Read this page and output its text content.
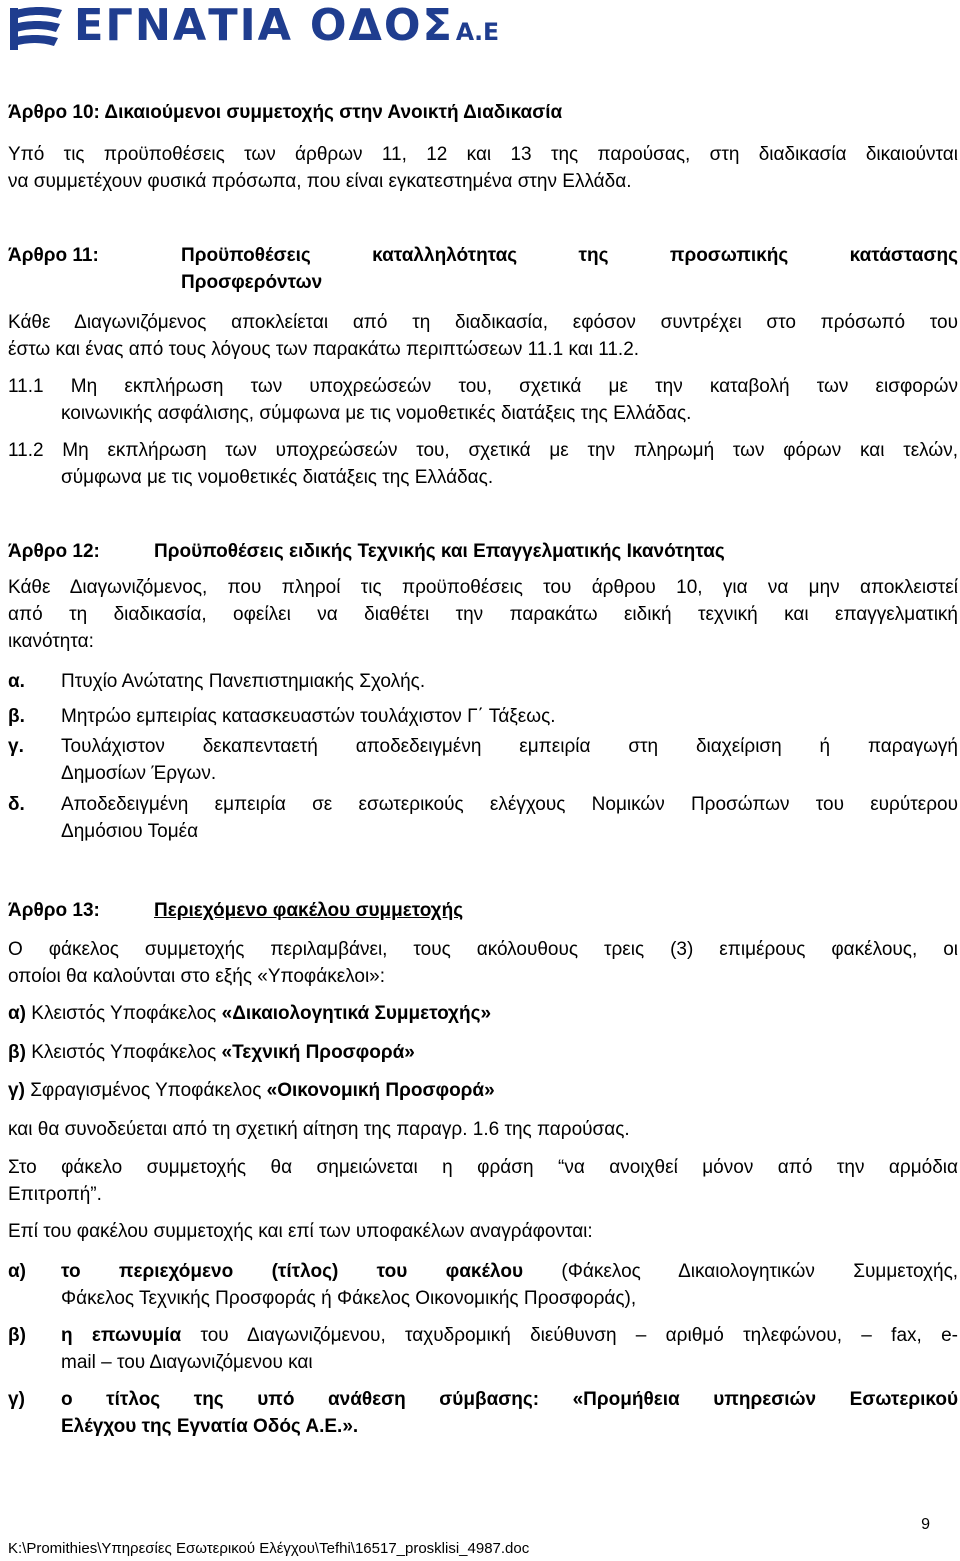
ΕΓΝΑΤΙΑ ΟΔΟΣΑ.Ε
Άρθρο 10: Δικαιούμενοι συμμετοχής στην Ανοικτή Διαδικασία
Υπό τις προϋποθέσεις των άρθρων 11, 12 και 13 της παρούσας, στη διαδικασία δικαιούνται
να συμμετέχουν φυσικά πρόσωπα, που είναι εγκατεστημένα στην Ελλάδα.
Άρθρο 11:	Προϋποθέσεις καταλληλότητας της προσωπικής κατάστασης
Προσφερόντων
Κάθε Διαγωνιζόμενος αποκλείεται από τη διαδικασία, εφόσον συντρέχει στο πρόσωπό του
έστω και ένας από τους λόγους των παρακάτω περιπτώσεων 11.1 και 11.2.
11.1 Μη εκπλήρωση των υποχρεώσεών του, σχετικά με την καταβολή των εισφορών
κοινωνικής ασφάλισης, σύμφωνα με τις νομοθετικές διατάξεις της Ελλάδας.
11.2 Μη εκπλήρωση των υποχρεώσεών του, σχετικά με την πληρωμή των φόρων και τελών,
σύμφωνα με τις νομοθετικές διατάξεις της Ελλάδας.
Άρθρο 12:	Προϋποθέσεις ειδικής Τεχνικής και Επαγγελματικής Ικανότητας
Κάθε Διαγωνιζόμενος, που πληροί τις προϋποθέσεις του άρθρου 10, για να μην αποκλειστεί
από τη διαδικασία, οφείλει να διαθέτει την παρακάτω ειδική τεχνική και επαγγελματική
ικανότητα:
α. Πτυχίο Ανώτατης Πανεπιστημιακής Σχολής.
β. Μητρώο εμπειρίας κατασκευαστών τουλάχιστον Γ΄ Τάξεως.
γ. Τουλάχιστον δεκαπενταετή αποδεδειγμένη εμπειρία στη διαχείριση ή παραγωγή
Δημοσίων Έργων.
δ. Αποδεδειγμένη εμπειρία σε εσωτερικούς ελέγχους Νομικών Προσώπων του ευρύτερου
Δημόσιου Τομέα
Άρθρο 13:	Περιεχόμενο φακέλου συμμετοχής
Ο φάκελος συμμετοχής περιλαμβάνει, τους ακόλουθους τρεις (3) επιμέρους φακέλους, οι
οποίοι θα καλούνται στο εξής «Υποφάκελοι»:
α) Κλειστός Υποφάκελος «Δικαιολογητικά Συμμετοχής»
β) Κλειστός Υποφάκελος «Τεχνική Προσφορά»
γ) Σφραγισμένος Υποφάκελος «Οικονομική Προσφορά»
και θα συνοδεύεται από τη σχετική αίτηση της παραγρ. 1.6 της παρούσας.
Στο φάκελο συμμετοχής θα σημειώνεται η φράση “να ανοιχθεί μόνον από την αρμόδια
Επιτροπή”.
Επί του φακέλου συμμετοχής και επί των υποφακέλων αναγράφονται:
α) το περιεχόμενο (τίτλος) του φακέλου (Φάκελος Δικαιολογητικών Συμμετοχής,
Φάκελος Τεχνικής Προσφοράς ή Φάκελος Οικονομικής Προσφοράς),
β) η επωνυμία του Διαγωνιζόμενου, ταχυδρομική διεύθυνση – αριθμό τηλεφώνου, – fax, e-
mail – του Διαγωνιζόμενου και
γ) ο τίτλος της υπό ανάθεση σύμβασης: «Προμήθεια υπηρεσιών Εσωτερικού
Ελέγχου της Εγνατία Οδός Α.Ε.».
9
K:\Promithies\Υπηρεσίες Εσωτερικού Ελέγχου\Tefhi\16517_prosklisi_4987.doc
